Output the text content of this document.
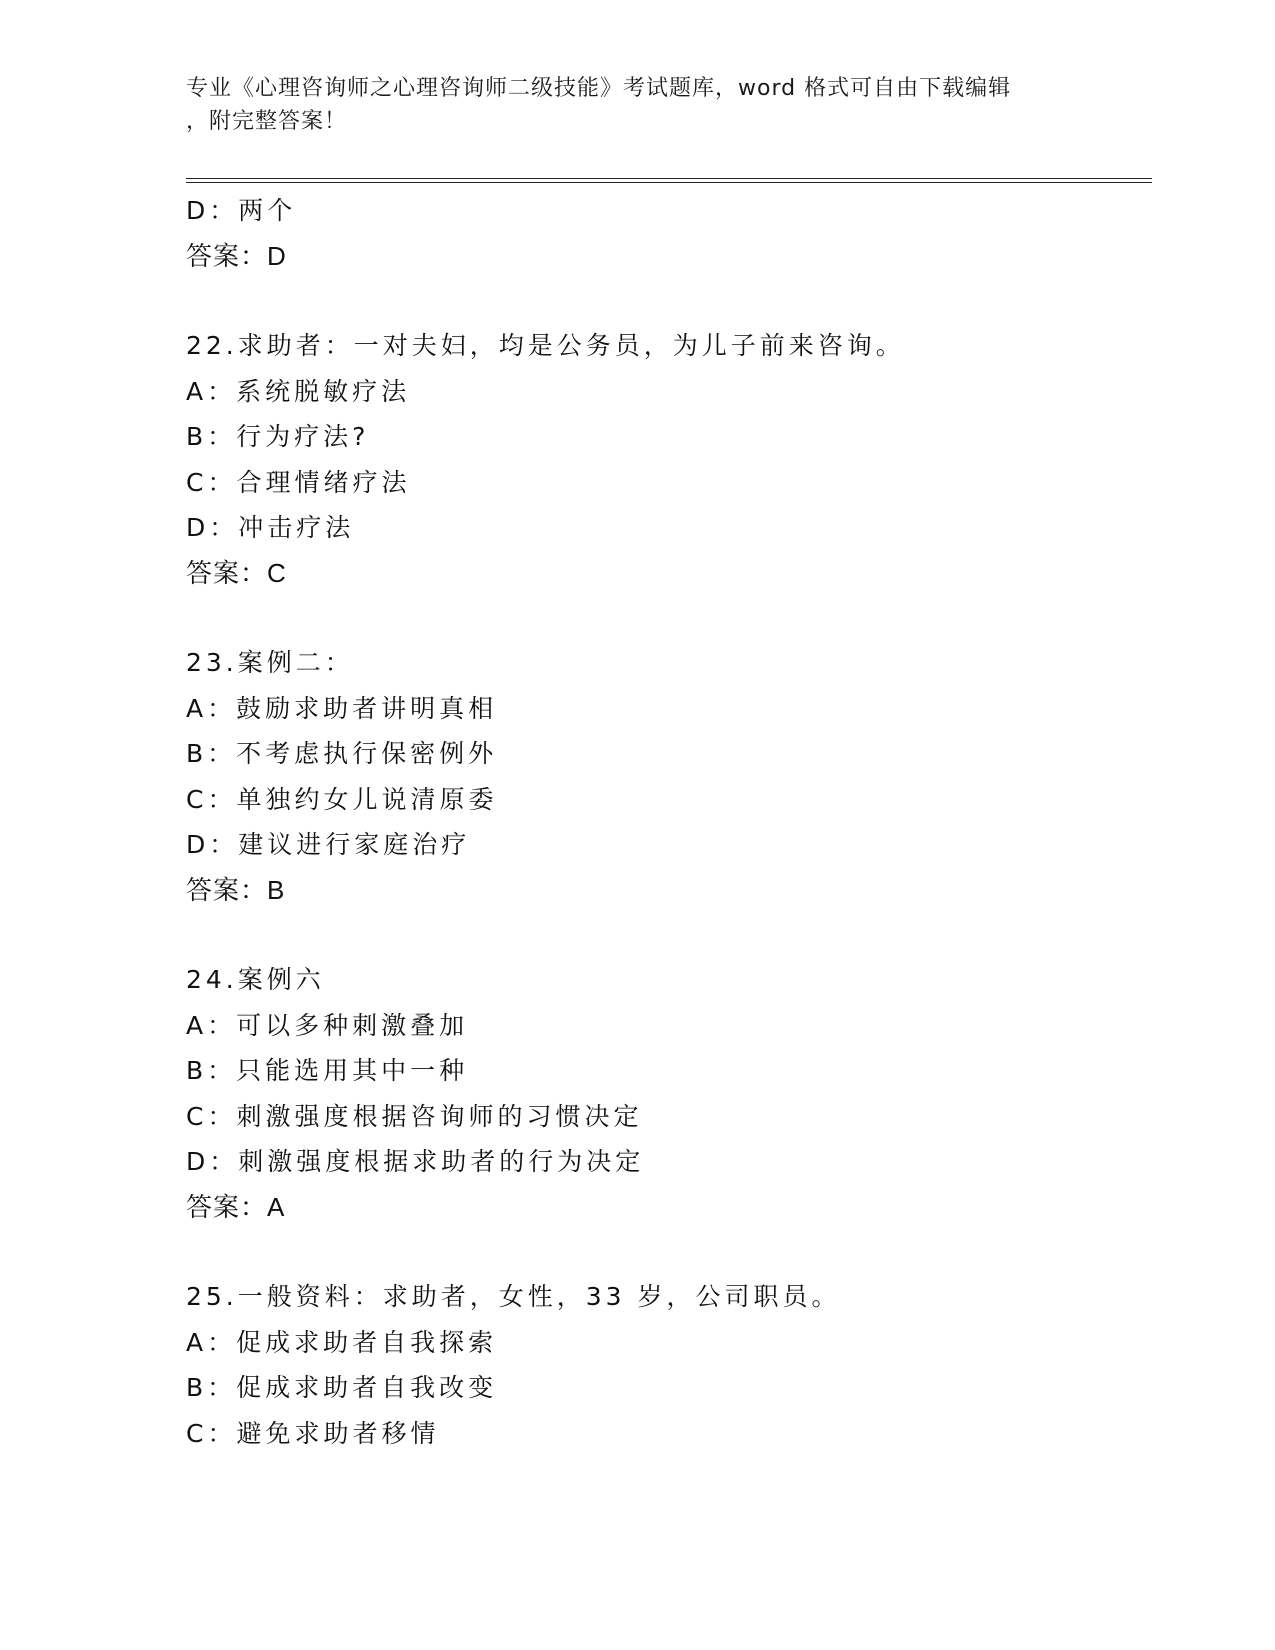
专业《心理咨询师之心理咨询师二级技能》考试题库，word 格式可自由下载编辑
，附完整答案！
D：两个
答案：D
22.求助者：一对夫妇，均是公务员，为儿子前来咨询。
A：系统脱敏疗法
B：行为疗法?
C：合理情绪疗法
D：冲击疗法
答案：C
23.案例二：
A：鼓励求助者讲明真相
B：不考虑执行保密例外
C：单独约女儿说清原委
D：建议进行家庭治疗
答案：B
24.案例六
A：可以多种刺激叠加
B：只能选用其中一种
C：刺激强度根据咨询师的习惯决定
D：刺激强度根据求助者的行为决定
答案：A
25.一般资料：求助者，女性，33 岁，公司职员。
A：促成求助者自我探索
B：促成求助者自我改变
C：避免求助者移情
